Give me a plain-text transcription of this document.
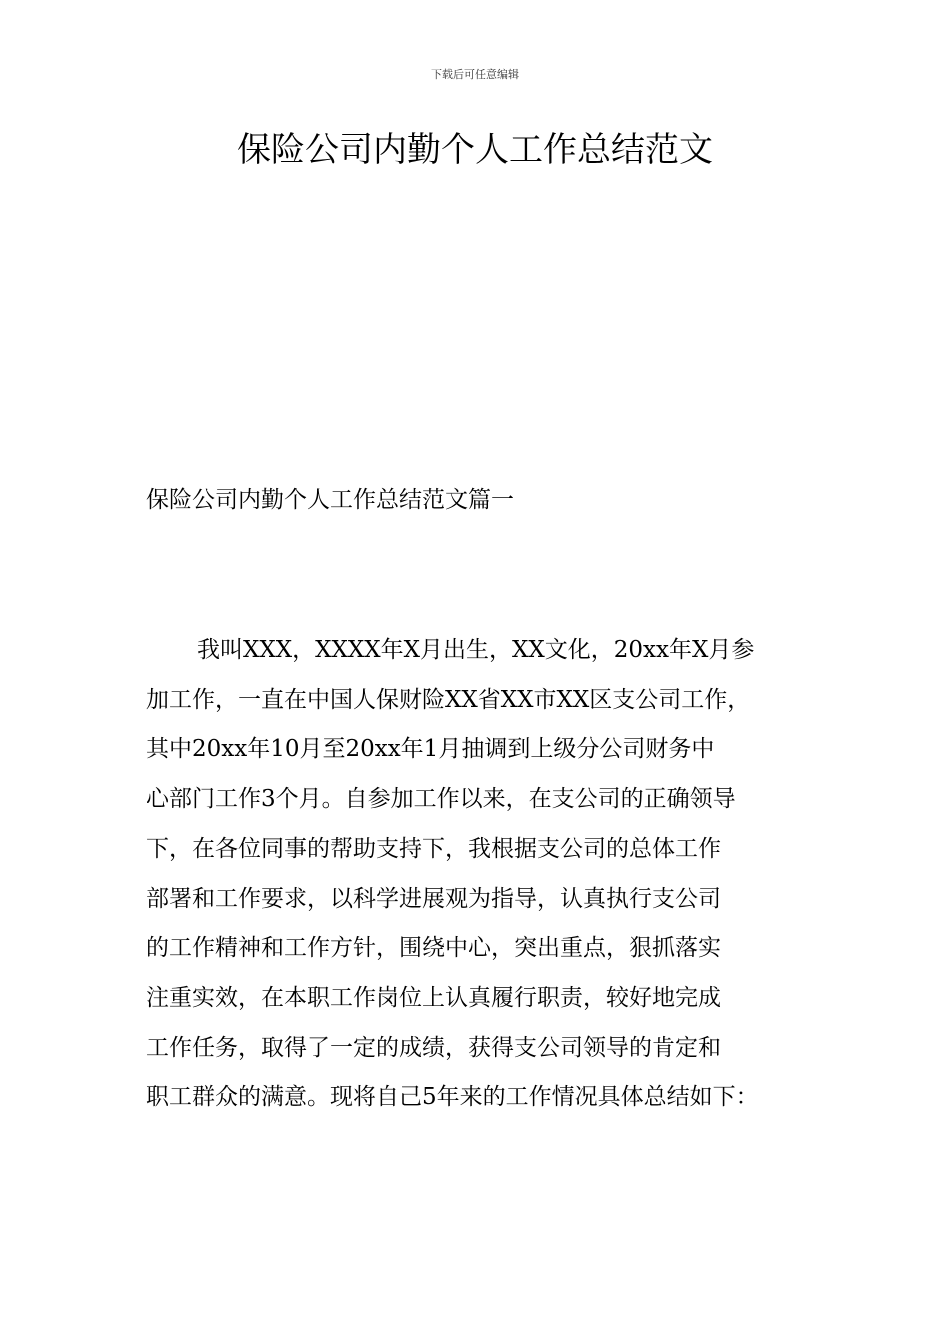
下载后可任意编辑
保险公司内勤个人工作总结范文
保险公司内勤个人工作总结范文篇一

我叫XXX，XXXX年X月出生，XX文化，20xx年X月参
加工作，一直在中国人保财险XX省XX市XX区支公司工作，
其中20xx年10月至20xx年1月抽调到上级分公司财务中
心部门工作3个月。自参加工作以来，在支公司的正确领导
下，在各位同事的帮助支持下，我根据支公司的总体工作
部署和工作要求，以科学进展观为指导，认真执行支公司
的工作精神和工作方针，围绕中心，突出重点，狠抓落实
注重实效，在本职工作岗位上认真履行职责，较好地完成
工作任务，取得了一定的成绩，获得支公司领导的肯定和
职工群众的满意。现将自己5年来的工作情况具体总结如下：
